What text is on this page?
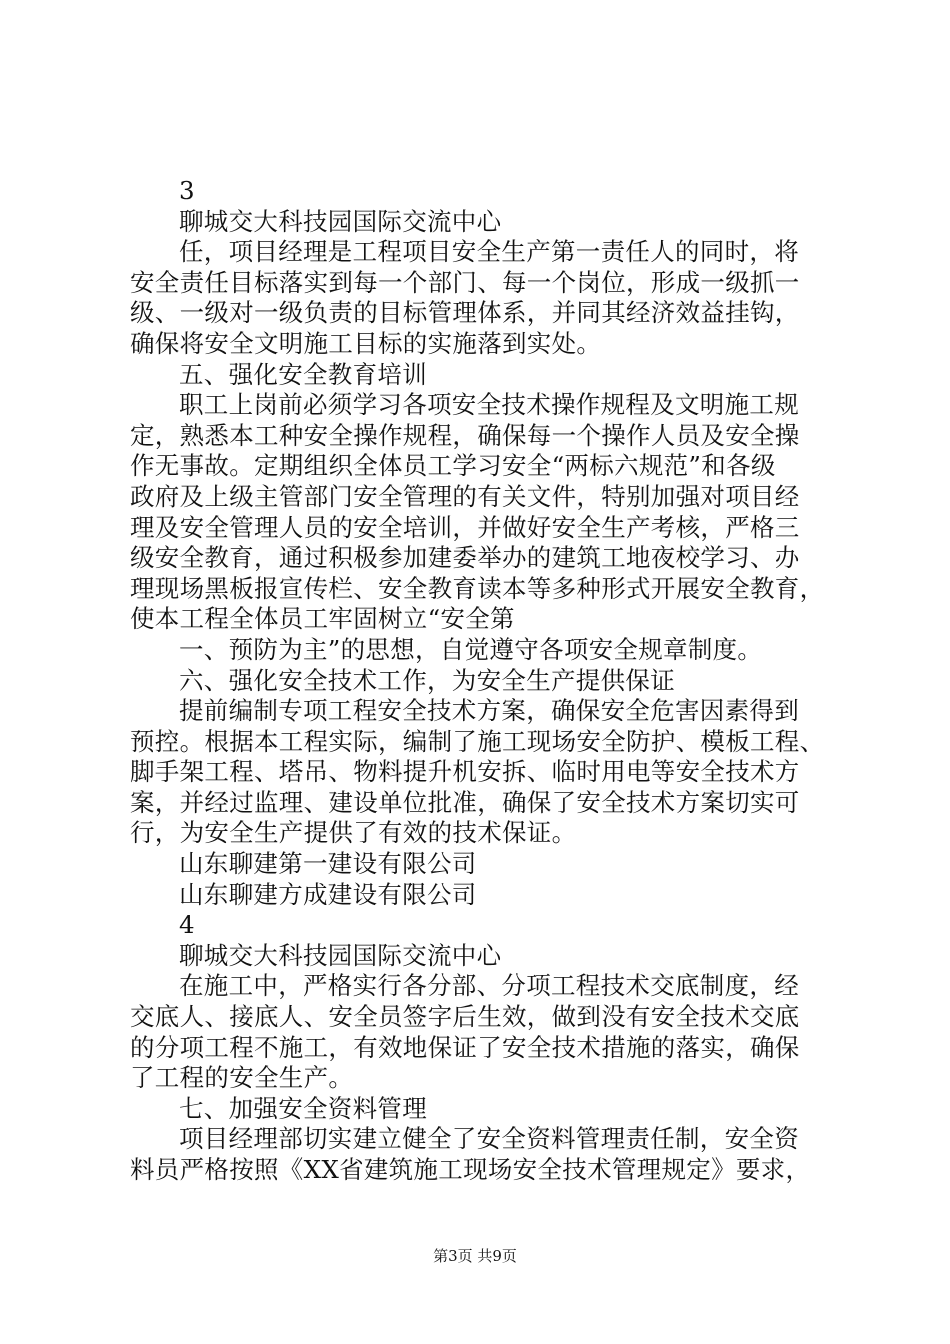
3
聊城交大科技园国际交流中心
任，项目经理是工程项目安全生产第一责任人的同时，将
安全责任目标落实到每一个部门、每一个岗位，形成一级抓一
级、一级对一级负责的目标管理体系，并同其经济效益挂钩，
确保将安全文明施工目标的实施落到实处。
五、强化安全教育培训
职工上岗前必须学习各项安全技术操作规程及文明施工规
定，熟悉本工种安全操作规程，确保每一个操作人员及安全操
作无事故。定期组织全体员工学习安全“两标六规范”和各级
政府及上级主管部门安全管理的有关文件，特别加强对项目经
理及安全管理人员的安全培训，并做好安全生产考核，严格三
级安全教育，通过积极参加建委举办的建筑工地夜校学习、办
理现场黑板报宣传栏、安全教育读本等多种形式开展安全教育，
使本工程全体员工牢固树立“安全第
一、预防为主”的思想，自觉遵守各项安全规章制度。
六、强化安全技术工作，为安全生产提供保证
提前编制专项工程安全技术方案，确保安全危害因素得到
预控。根据本工程实际，编制了施工现场安全防护、模板工程、
脚手架工程、塔吊、物料提升机安拆、临时用电等安全技术方
案，并经过监理、建设单位批准，确保了安全技术方案切实可
行，为安全生产提供了有效的技术保证。
山东聊建第一建设有限公司
山东聊建方成建设有限公司
4
聊城交大科技园国际交流中心
在施工中，严格实行各分部、分项工程技术交底制度，经
交底人、接底人、安全员签字后生效，做到没有安全技术交底
的分项工程不施工，有效地保证了安全技术措施的落实，确保
了工程的安全生产。
七、加强安全资料管理
项目经理部切实建立健全了安全资料管理责任制，安全资
料员严格按照《XX省建筑施工现场安全技术管理规定》要求，
第3页 共9页
